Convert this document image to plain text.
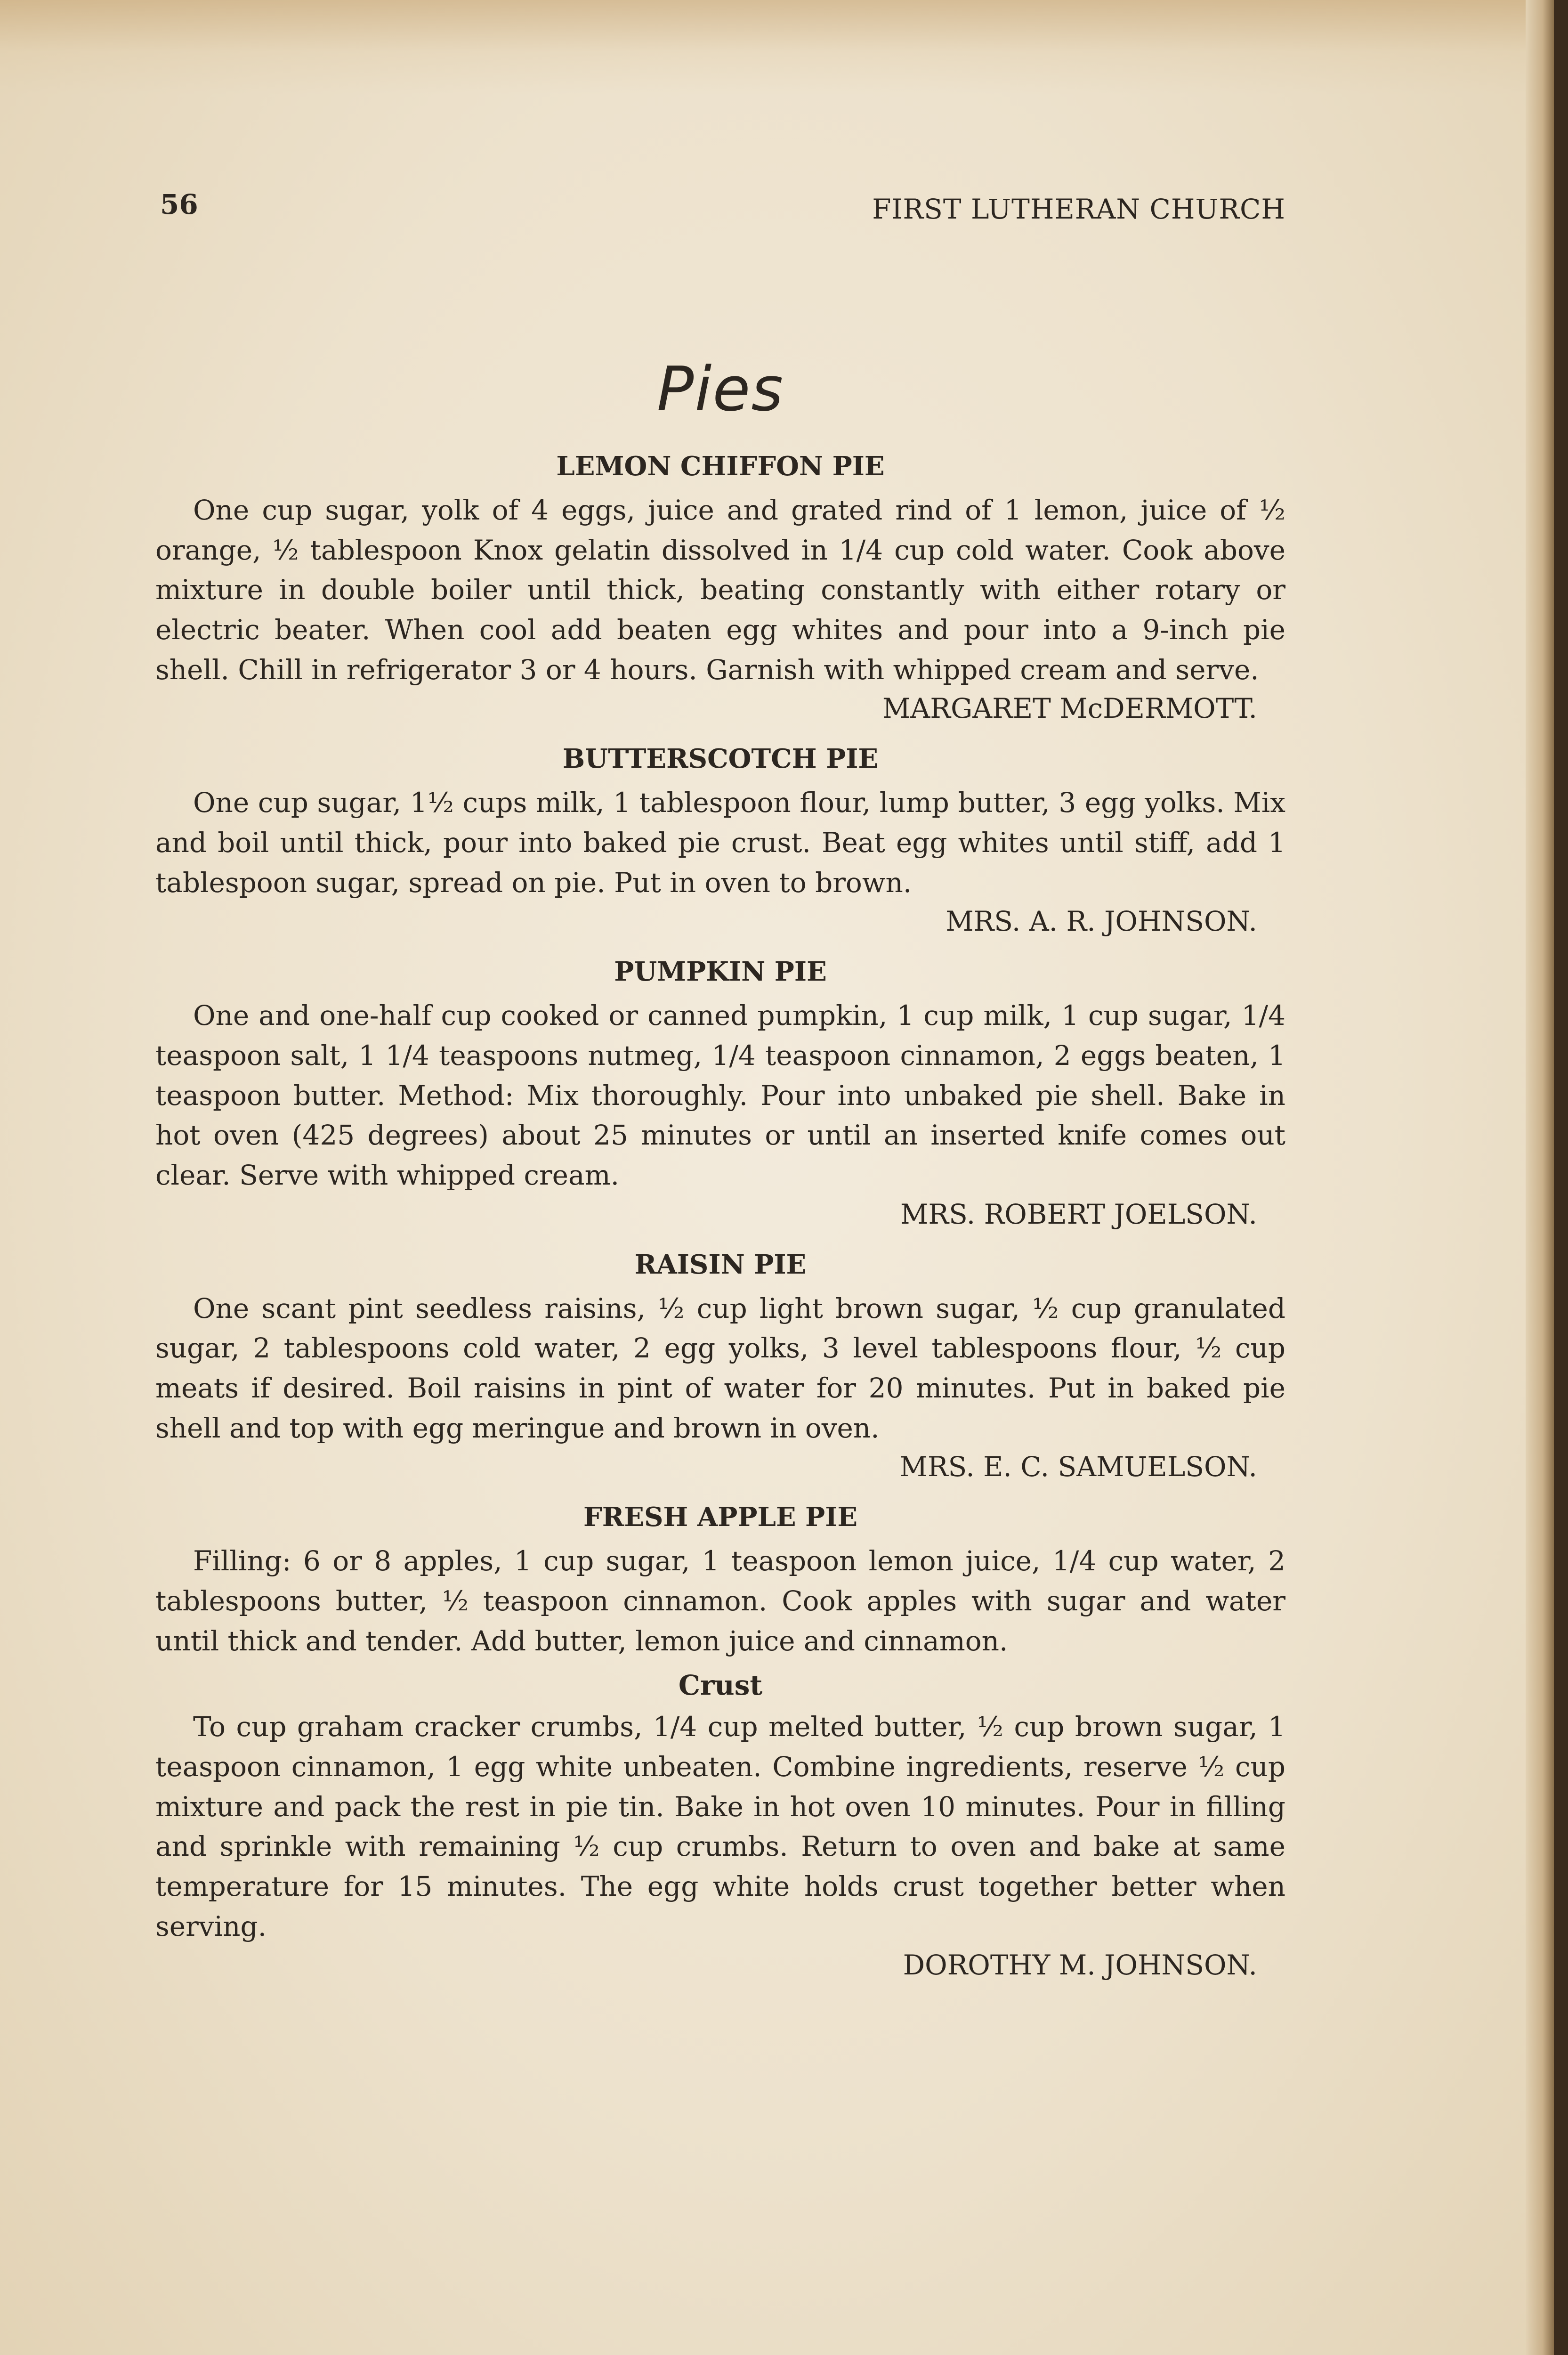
56	FIRST LUTHERAN CHURCH
Pies
LEMON CHIFFON PIE

One cup sugar, yolk of 4 eggs, juice and grated rind of 1 lemon, juice of ½ orange, ½ tablespoon Knox gelatin dissolved in 1/4 cup cold water. Cook above mixture in double boiler until thick, beating constantly with either rotary or electric beater. When cool add beaten egg whites and pour into a 9-inch pie shell. Chill in refrigerator 3 or 4 hours. Garnish with whipped cream and serve.

MARGARET McDERMOTT.
BUTTERSCOTCH PIE

One cup sugar, 1½ cups milk, 1 tablespoon flour, lump butter, 3 egg yolks. Mix and boil until thick, pour into baked pie crust. Beat egg whites until stiff, add 1 tablespoon sugar, spread on pie. Put in oven to brown.

MRS. A. R. JOHNSON.
PUMPKIN PIE

One and one-half cup cooked or canned pumpkin, 1 cup milk, 1 cup sugar, 1/4 teaspoon salt, 1 1/4 teaspoons nutmeg, 1/4 teaspoon cinnamon, 2 eggs beaten, 1 teaspoon butter. Method: Mix thoroughly. Pour into unbaked pie shell. Bake in hot oven (425 degrees) about 25 minutes or until an inserted knife comes out clear. Serve with whipped cream.

MRS. ROBERT JOELSON.
RAISIN PIE

One scant pint seedless raisins, ½ cup light brown sugar, ½ cup granulated sugar, 2 tablespoons cold water, 2 egg yolks, 3 level tablespoons flour, ½ cup meats if desired. Boil raisins in pint of water for 20 minutes. Put in baked pie shell and top with egg meringue and brown in oven.

MRS. E. C. SAMUELSON.
FRESH APPLE PIE

Filling: 6 or 8 apples, 1 cup sugar, 1 teaspoon lemon juice, 1/4 cup water, 2 tablespoons butter, ½ teaspoon cinnamon. Cook apples with sugar and water until thick and tender. Add butter, lemon juice and cinnamon.

Crust

To cup graham cracker crumbs, 1/4 cup melted butter, ½ cup brown sugar, 1 teaspoon cinnamon, 1 egg white unbeaten. Combine ingredients, reserve ½ cup mixture and pack the rest in pie tin. Bake in hot oven 10 minutes. Pour in filling and sprinkle with remaining ½ cup crumbs. Return to oven and bake at same temperature for 15 minutes. The egg white holds crust together better when serving.

DOROTHY M. JOHNSON.
